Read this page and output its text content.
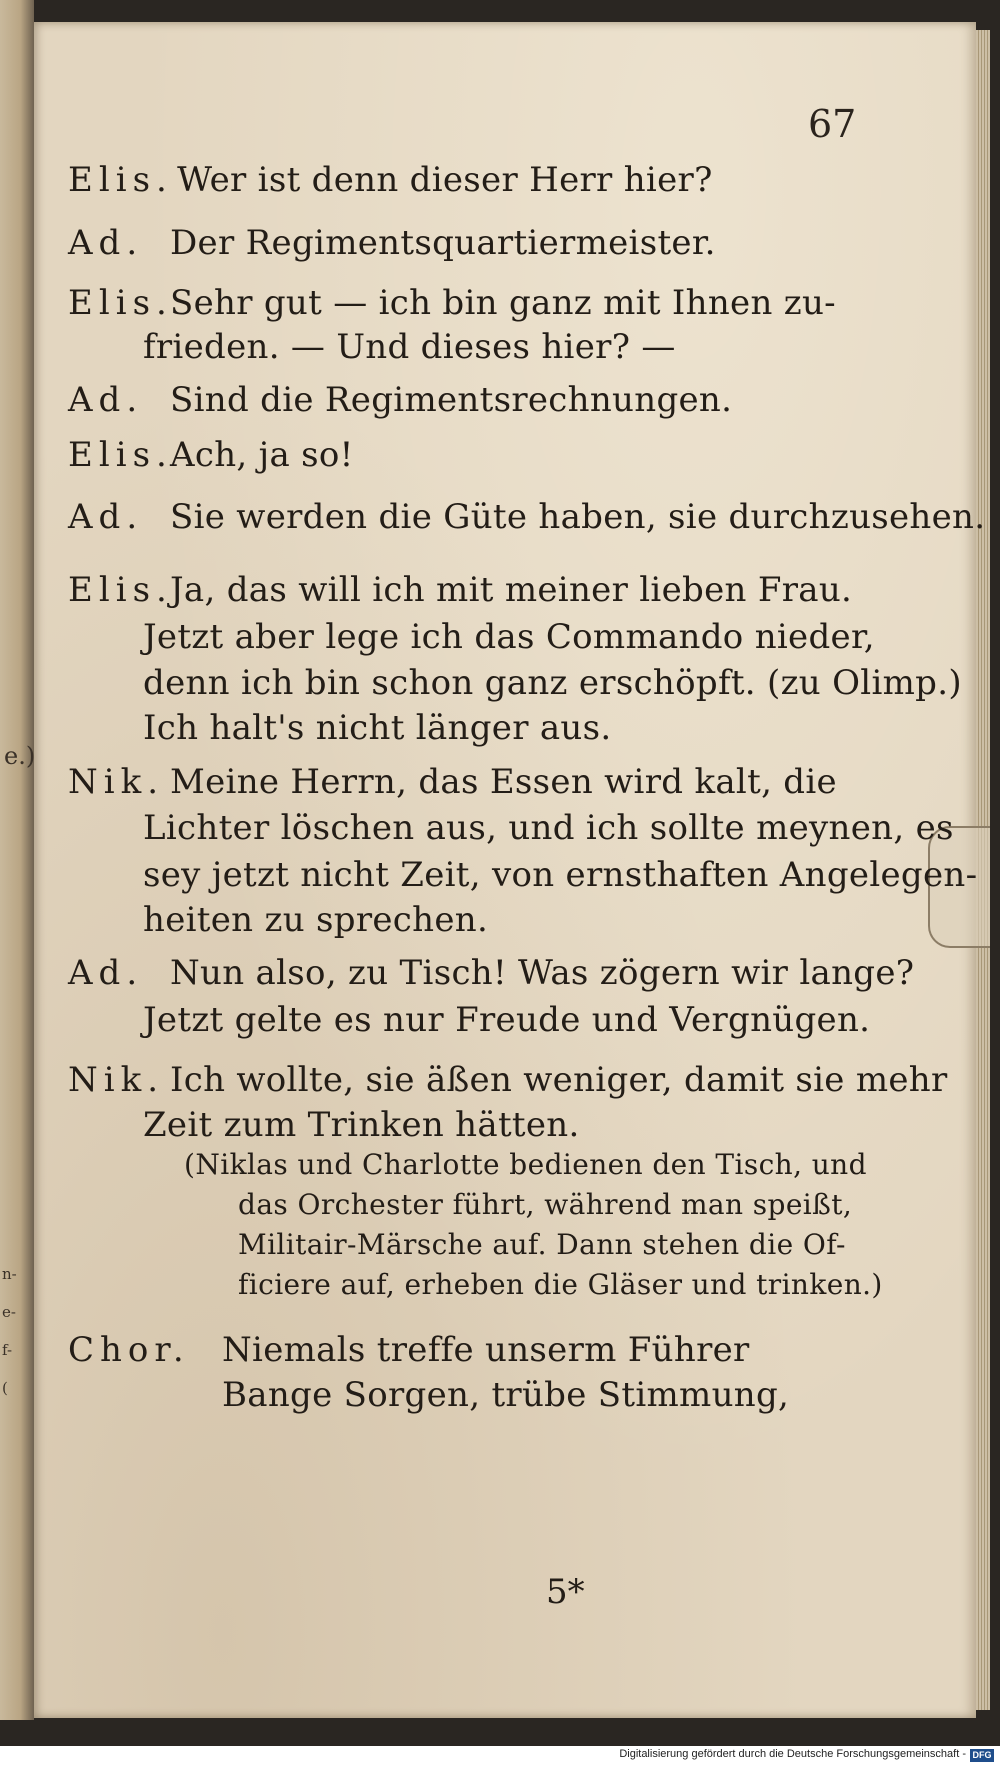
e.)
n-
e-
f-
(
67
Elis. Wer ist denn dieser Herr hier?
Ad. Der Regimentsquartiermeister.
Elis.
Sehr gut — ich bin ganz mit Ihnen zu-
frieden. — Und dieses hier? —
Ad. Sind die Regimentsrechnungen.
Elis.
Ach, ja so!
Ad. Sie werden die Güte haben, sie durchzusehen.
Elis.
Ja, das will ich mit meiner lieben Frau.
Jetzt aber lege ich das Commando nieder,
denn ich bin schon ganz erschöpft. (zu Olimp.)
Ich halt's nicht länger aus.
Nik. Meine Herrn, das Essen wird kalt, die
Lichter löschen aus, und ich sollte meynen, es
sey jetzt nicht Zeit, von ernsthaften Angelegen-
heiten zu sprechen.
Ad. Nun also, zu Tisch! Was zögern wir lange?
Jetzt gelte es nur Freude und Vergnügen.
Nik. Ich wollte, sie äßen weniger, damit sie mehr
Zeit zum Trinken hätten.
(Niklas und Charlotte bedienen den Tisch, und
das Orchester führt, während man speißt,
Militair-Märsche auf. Dann stehen die Of-
ficiere auf, erheben die Gläser und trinken.)
Chor. Niemals treffe unserm Führer
Bange Sorgen, trübe Stimmung,
5*
Digitalisierung gefördert durch die Deutsche Forschungsgemeinschaft - DFG
